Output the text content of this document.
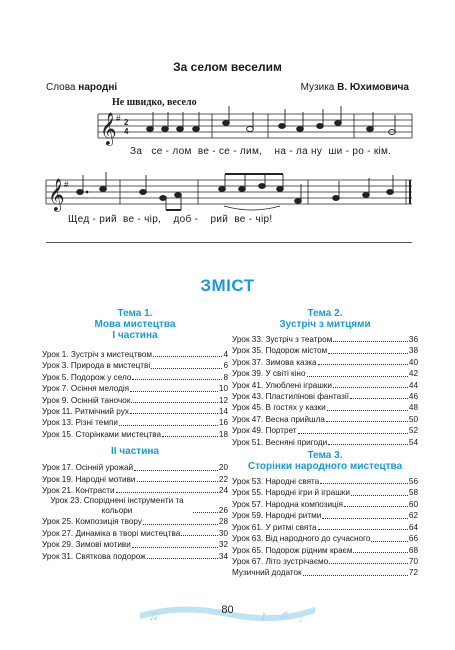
За селом веселим
Слова народні	Музика В. Юхимовича
Не швидко, весело
𝄞 # 2
4
За   се - лом  ве - се - лим,    на - ла ну  ши - ро - кім.
𝄞 #
Щед - рий  ве - чір,    доб -    рий  ве - чір!
ЗМІСТ
Тема 1.
Мова мистецтва
I частина
Урок 1. Зустріч з мистецтвом	4
Урок 3. Природа в мистецтві	6
Урок 5. Подорож у село	8
Урок 7. Осіння мелодія	10
Урок 9. Осінній таночок	12
Урок 11. Ритмічний рух	14
Урок 13. Різні темпи	16
Урок 15. Сторінками мистецтва	18
II частина
Урок 17. Осінній урожай	20
Урок 19. Народні мотиви	22
Урок 21. Контрасти	24
Урок 23. Споріднені інструменти та кольори	26
Урок 25. Композиція твору	28
Урок 27. Динаміка в творі мистецтва	30
Урок 29. Зимові мотиви	32
Урок 31. Святкова подорож	34
Тема 2.
Зустріч з митцями
Урок 33. Зустріч з театром	36
Урок 35. Подорож містом	38
Урок 37. Зимова казка	40
Урок 39. У світі кіно	42
Урок 41. Улюблені іграшки	44
Урок 43. Пластилінові фантазії	46
Урок 45. В гостях у казки	48
Урок 47. Весна прийшла	50
Урок 49. Портрет	52
Урок 51. Весняні пригоди	54
Тема 3.
Сторінки народного мистецтва
Урок 53. Народні свята	56
Урок 55. Народні ігри й іграшки	58
Урок 57. Народна композиція	60
Урок 59. Народні ритми	62
Урок 61. У ритмі свята	64
Урок 63. Від народного до сучасного	66
Урок 65. Подорож рідним краєм	68
Урок 67. Літо зустрічаємо	70
Музичний додаток	72
♫	♪ ♬ ♩
80
